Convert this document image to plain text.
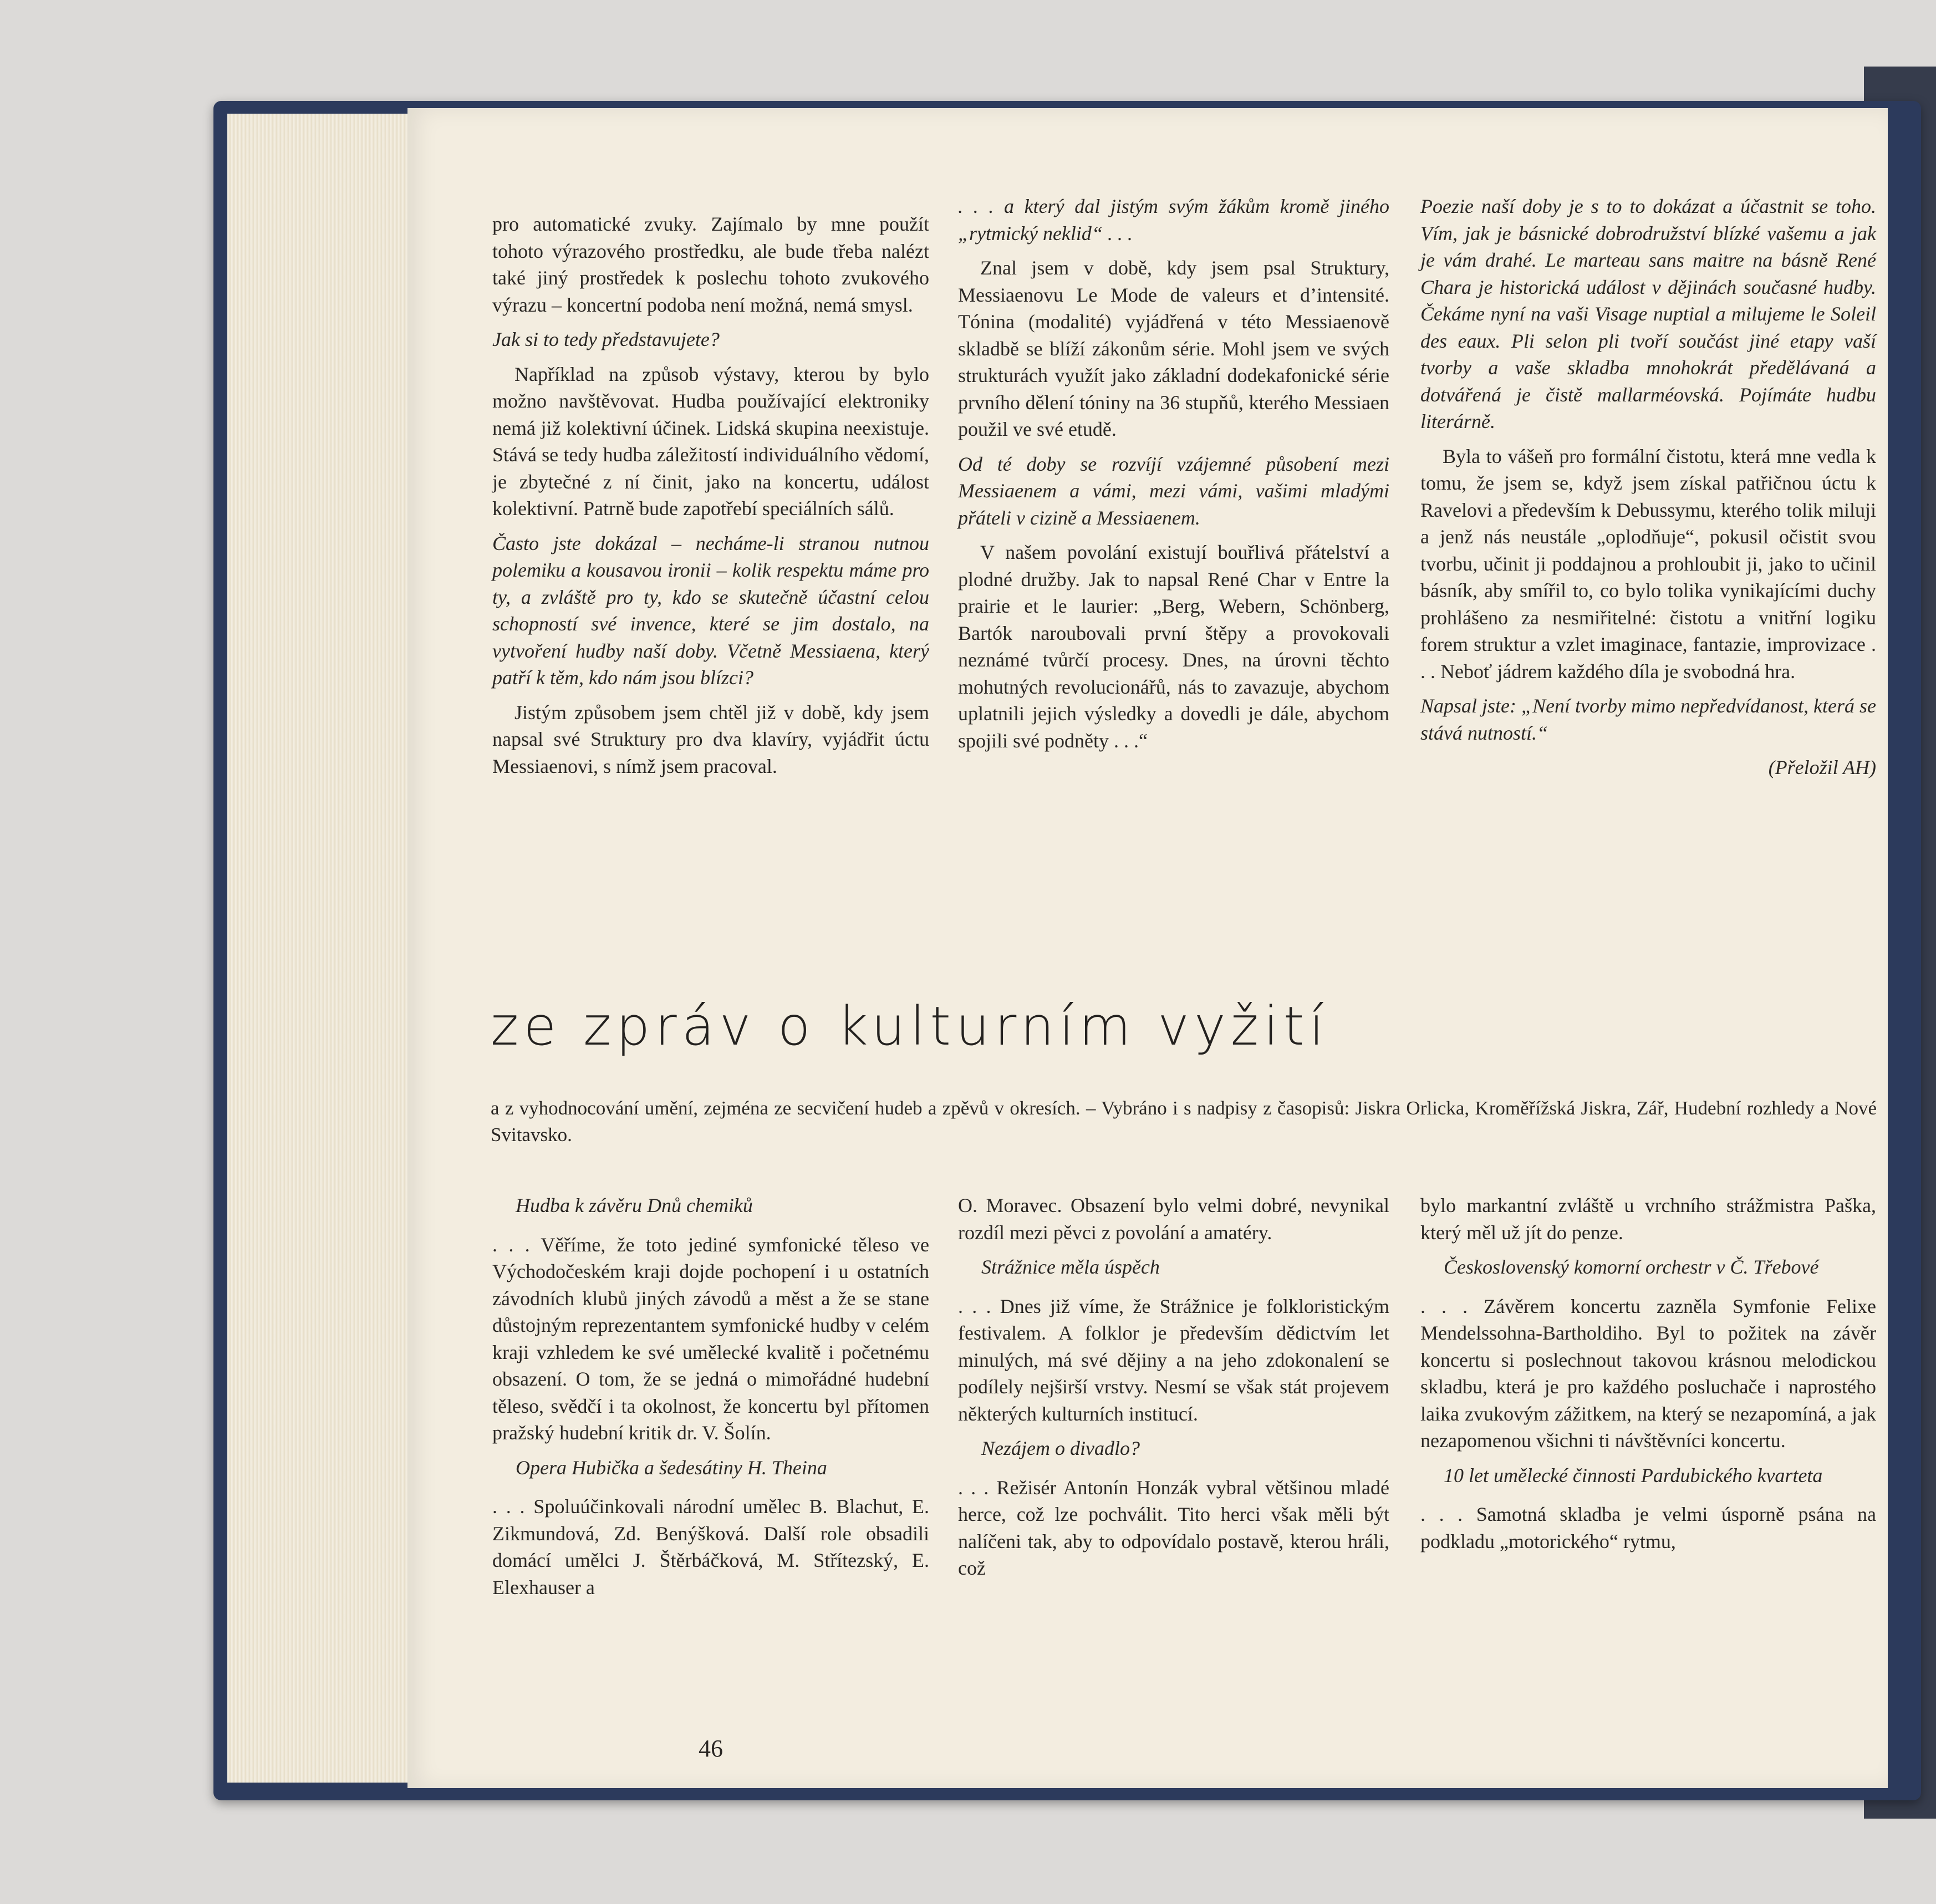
pro automatické zvuky. Zajímalo by mne použít tohoto výrazového prostředku, ale bude třeba nalézt také jiný prostředek k poslechu tohoto zvukového výrazu – koncertní podoba není možná, nemá smysl.

Jak si to tedy představujete?

Například na způsob výstavy, kterou by bylo možno navštěvovat. Hudba používající elektroniky nemá již kolektivní účinek. Lidská skupina neexistuje. Stává se tedy hudba záležitostí individuálního vědomí, je zbytečné z ní činit, jako na koncertu, událost kolektivní. Patrně bude zapotřebí speciálních sálů.

Často jste dokázal – necháme-li stranou nutnou polemiku a kousavou ironii – kolik respektu máme pro ty, a zvláště pro ty, kdo se skutečně účastní celou schopností své invence, které se jim dostalo, na vytvoření hudby naší doby. Včetně Messiaena, který patří k těm, kdo nám jsou blízci?

Jistým způsobem jsem chtěl již v době, kdy jsem napsal své Struktury pro dva klavíry, vyjádřit úctu Messiaenovi, s nímž jsem pracoval.

. . . a který dal jistým svým žákům kromě jiného „rytmický neklid“ . . .

Znal jsem v době, kdy jsem psal Struktury, Messiaenovu Le Mode de valeurs et d’intensité. Tónina (modalité) vyjádřená v této Messiaenově skladbě se blíží zákonům série. Mohl jsem ve svých strukturách využít jako základní dodekafonické série prvního dělení tóniny na 36 stupňů, kterého Messiaen použil ve své etudě.

Od té doby se rozvíjí vzájemné působení mezi Messiaenem a vámi, mezi vámi, vašimi mladými přáteli v cizině a Messiaenem.

V našem povolání existují bouřlivá přátelství a plodné družby. Jak to napsal René Char v Entre la prairie et le laurier: „Berg, Webern, Schönberg, Bartók naroubovali první štěpy a provokovali neznámé tvůrčí procesy. Dnes, na úrovni těchto mohutných revolucionářů, nás to zavazuje, abychom uplatnili jejich výsledky a dovedli je dále, abychom spojili své podněty . . .“

Poezie naší doby je s to to dokázat a účastnit se toho. Vím, jak je básnické dobrodružství blízké vašemu a jak je vám drahé. Le marteau sans maitre na básně René Chara je historická událost v dějinách současné hudby. Čekáme nyní na vaši Visage nuptial a milujeme le Soleil des eaux. Pli selon pli tvoří součást jiné etapy vaší tvorby a vaše skladba mnohokrát předělávaná a dotvářená je čistě mallarméovská. Pojímáte hudbu literárně.

Byla to vášeň pro formální čistotu, která mne vedla k tomu, že jsem se, když jsem získal patřičnou úctu k Ravelovi a především k Debussymu, kterého tolik miluji a jenž nás neustále „oplodňuje“, pokusil očistit svou tvorbu, učinit ji poddajnou a prohloubit ji, jako to učinil básník, aby smířil to, co bylo tolika vynikajícími duchy prohlášeno za nesmiřitelné: čistotu a vnitřní logiku forem struktur a vzlet imaginace, fantazie, improvizace . . . Neboť jádrem každého díla je svobodná hra.

Napsal jste: „Není tvorby mimo nepředvídanost, která se stává nutností.“

(Přeložil AH)

ze zpráv o kulturním vyžití

a z vyhodnocování umění, zejména ze secvičení hudeb a zpěvů v okresích. – Vybráno i s nadpisy z časopisů: Jiskra Orlicka, Kroměřížská Jiskra, Zář, Hudební rozhledy a Nové Svitavsko.

Hudba k závěru Dnů chemiků

. . . Věříme, že toto jediné symfonické těleso ve Východočeském kraji dojde pochopení i u ostatních závodních klubů jiných závodů a měst a že se stane důstojným reprezentantem symfonické hudby v celém kraji vzhledem ke své umělecké kvalitě i početnému obsazení. O tom, že se jedná o mimořádné hudební těleso, svědčí i ta okolnost, že koncertu byl přítomen pražský hudební kritik dr. V. Šolín.

Opera Hubička a šedesátiny H. Theina

. . . Spoluúčinkovali národní umělec B. Blachut, E. Zikmundová, Zd. Benýšková. Další role obsadili domácí umělci J. Štěrbáčková, M. Střítezský, E. Elexhauser a

O. Moravec. Obsazení bylo velmi dobré, nevynikal rozdíl mezi pěvci z povolání a amatéry.

Strážnice měla úspěch

. . . Dnes již víme, že Strážnice je folkloristickým festivalem. A folklor je především dědictvím let minulých, má své dějiny a na jeho zdokonalení se podílely nejširší vrstvy. Nesmí se však stát projevem některých kulturních institucí.

Nezájem o divadlo?

. . . Režisér Antonín Honzák vybral většinou mladé herce, což lze pochválit. Tito herci však měli být nalíčeni tak, aby to odpovídalo postavě, kterou hráli, což

bylo markantní zvláště u vrchního strážmistra Paška, který měl už jít do penze.

Československý komorní orchestr v Č. Třebové

. . . Závěrem koncertu zazněla Symfonie Felixe Mendelssohna-Bartholdiho. Byl to požitek na závěr koncertu si poslechnout takovou krásnou melodickou skladbu, která je pro každého posluchače i naprostého laika zvukovým zážitkem, na který se nezapomíná, a jak nezapomenou všichni ti návštěvníci koncertu.

10 let umělecké činnosti Pardubického kvarteta

. . . Samotná skladba je velmi úsporně psána na podkladu „motorického“ rytmu,

46
